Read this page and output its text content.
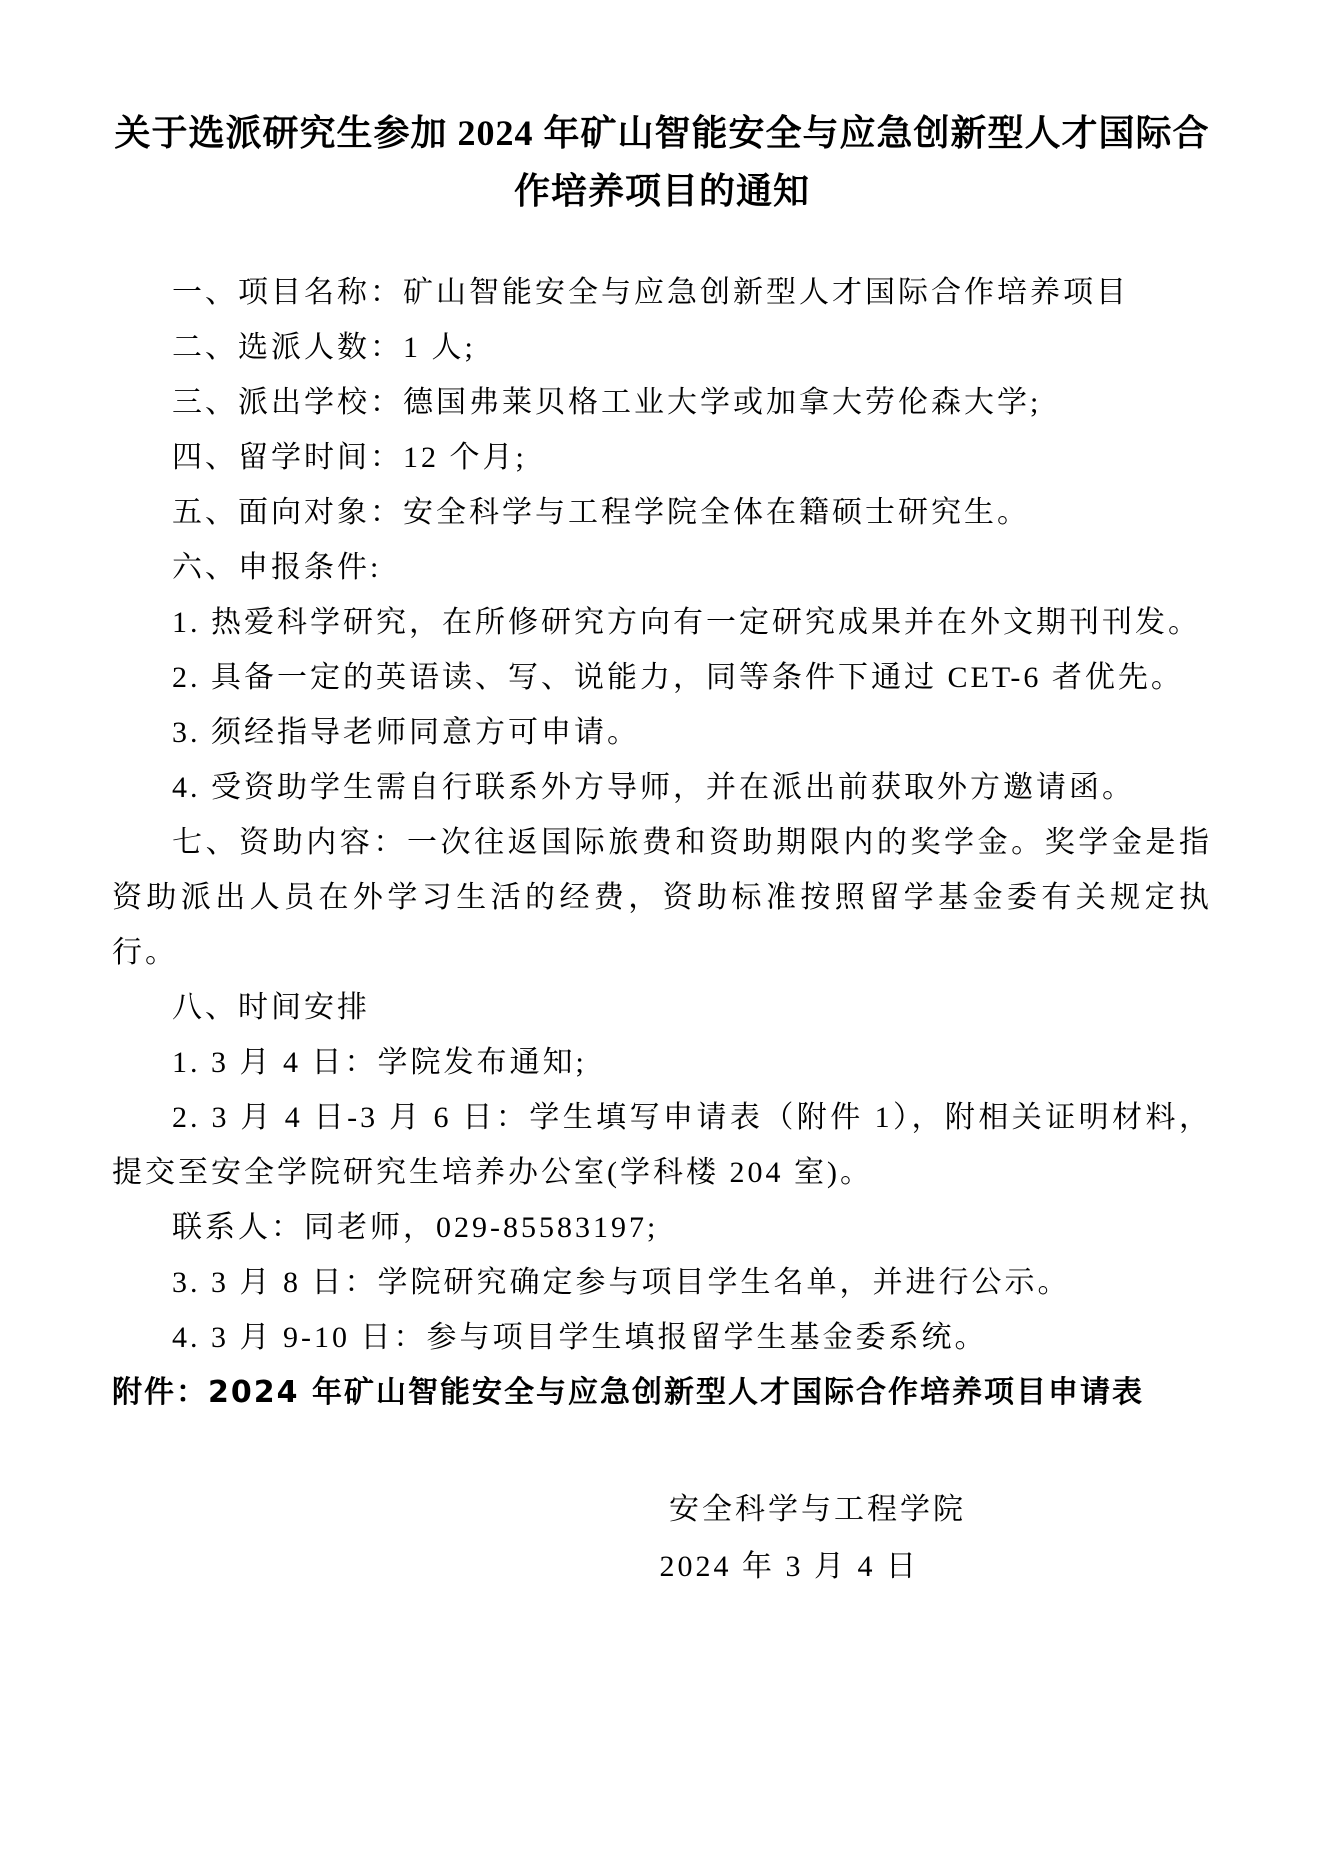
关于选派研究生参加 2024 年矿山智能安全与应急创新型人才国际合
作培养项目的通知

一、项目名称：矿山智能安全与应急创新型人才国际合作培养项目

二、选派人数：1 人;

三、派出学校：德国弗莱贝格工业大学或加拿大劳伦森大学;

四、留学时间：12 个月;

五、面向对象：安全科学与工程学院全体在籍硕士研究生。

六、申报条件:

1. 热爱科学研究，在所修研究方向有一定研究成果并在外文期刊刊发。

2. 具备一定的英语读、写、说能力，同等条件下通过 CET-6 者优先。

3. 须经指导老师同意方可申请。

4. 受资助学生需自行联系外方导师，并在派出前获取外方邀请函。

七、资助内容：一次往返国际旅费和资助期限内的奖学金。奖学金是指资助派出人员在外学习生活的经费，资助标准按照留学基金委有关规定执行。

八、时间安排

1. 3 月 4 日：学院发布通知;

2. 3 月 4 日-3 月 6 日：学生填写申请表（附件 1），附相关证明材料，提交至安全学院研究生培养办公室(学科楼 204 室)。

联系人：同老师，029-85583197;

3. 3 月 8 日：学院研究确定参与项目学生名单，并进行公示。

4. 3 月 9-10 日：参与项目学生填报留学生基金委系统。

附件：2024 年矿山智能安全与应急创新型人才国际合作培养项目申请表

安全科学与工程学院
2024 年 3 月 4 日
